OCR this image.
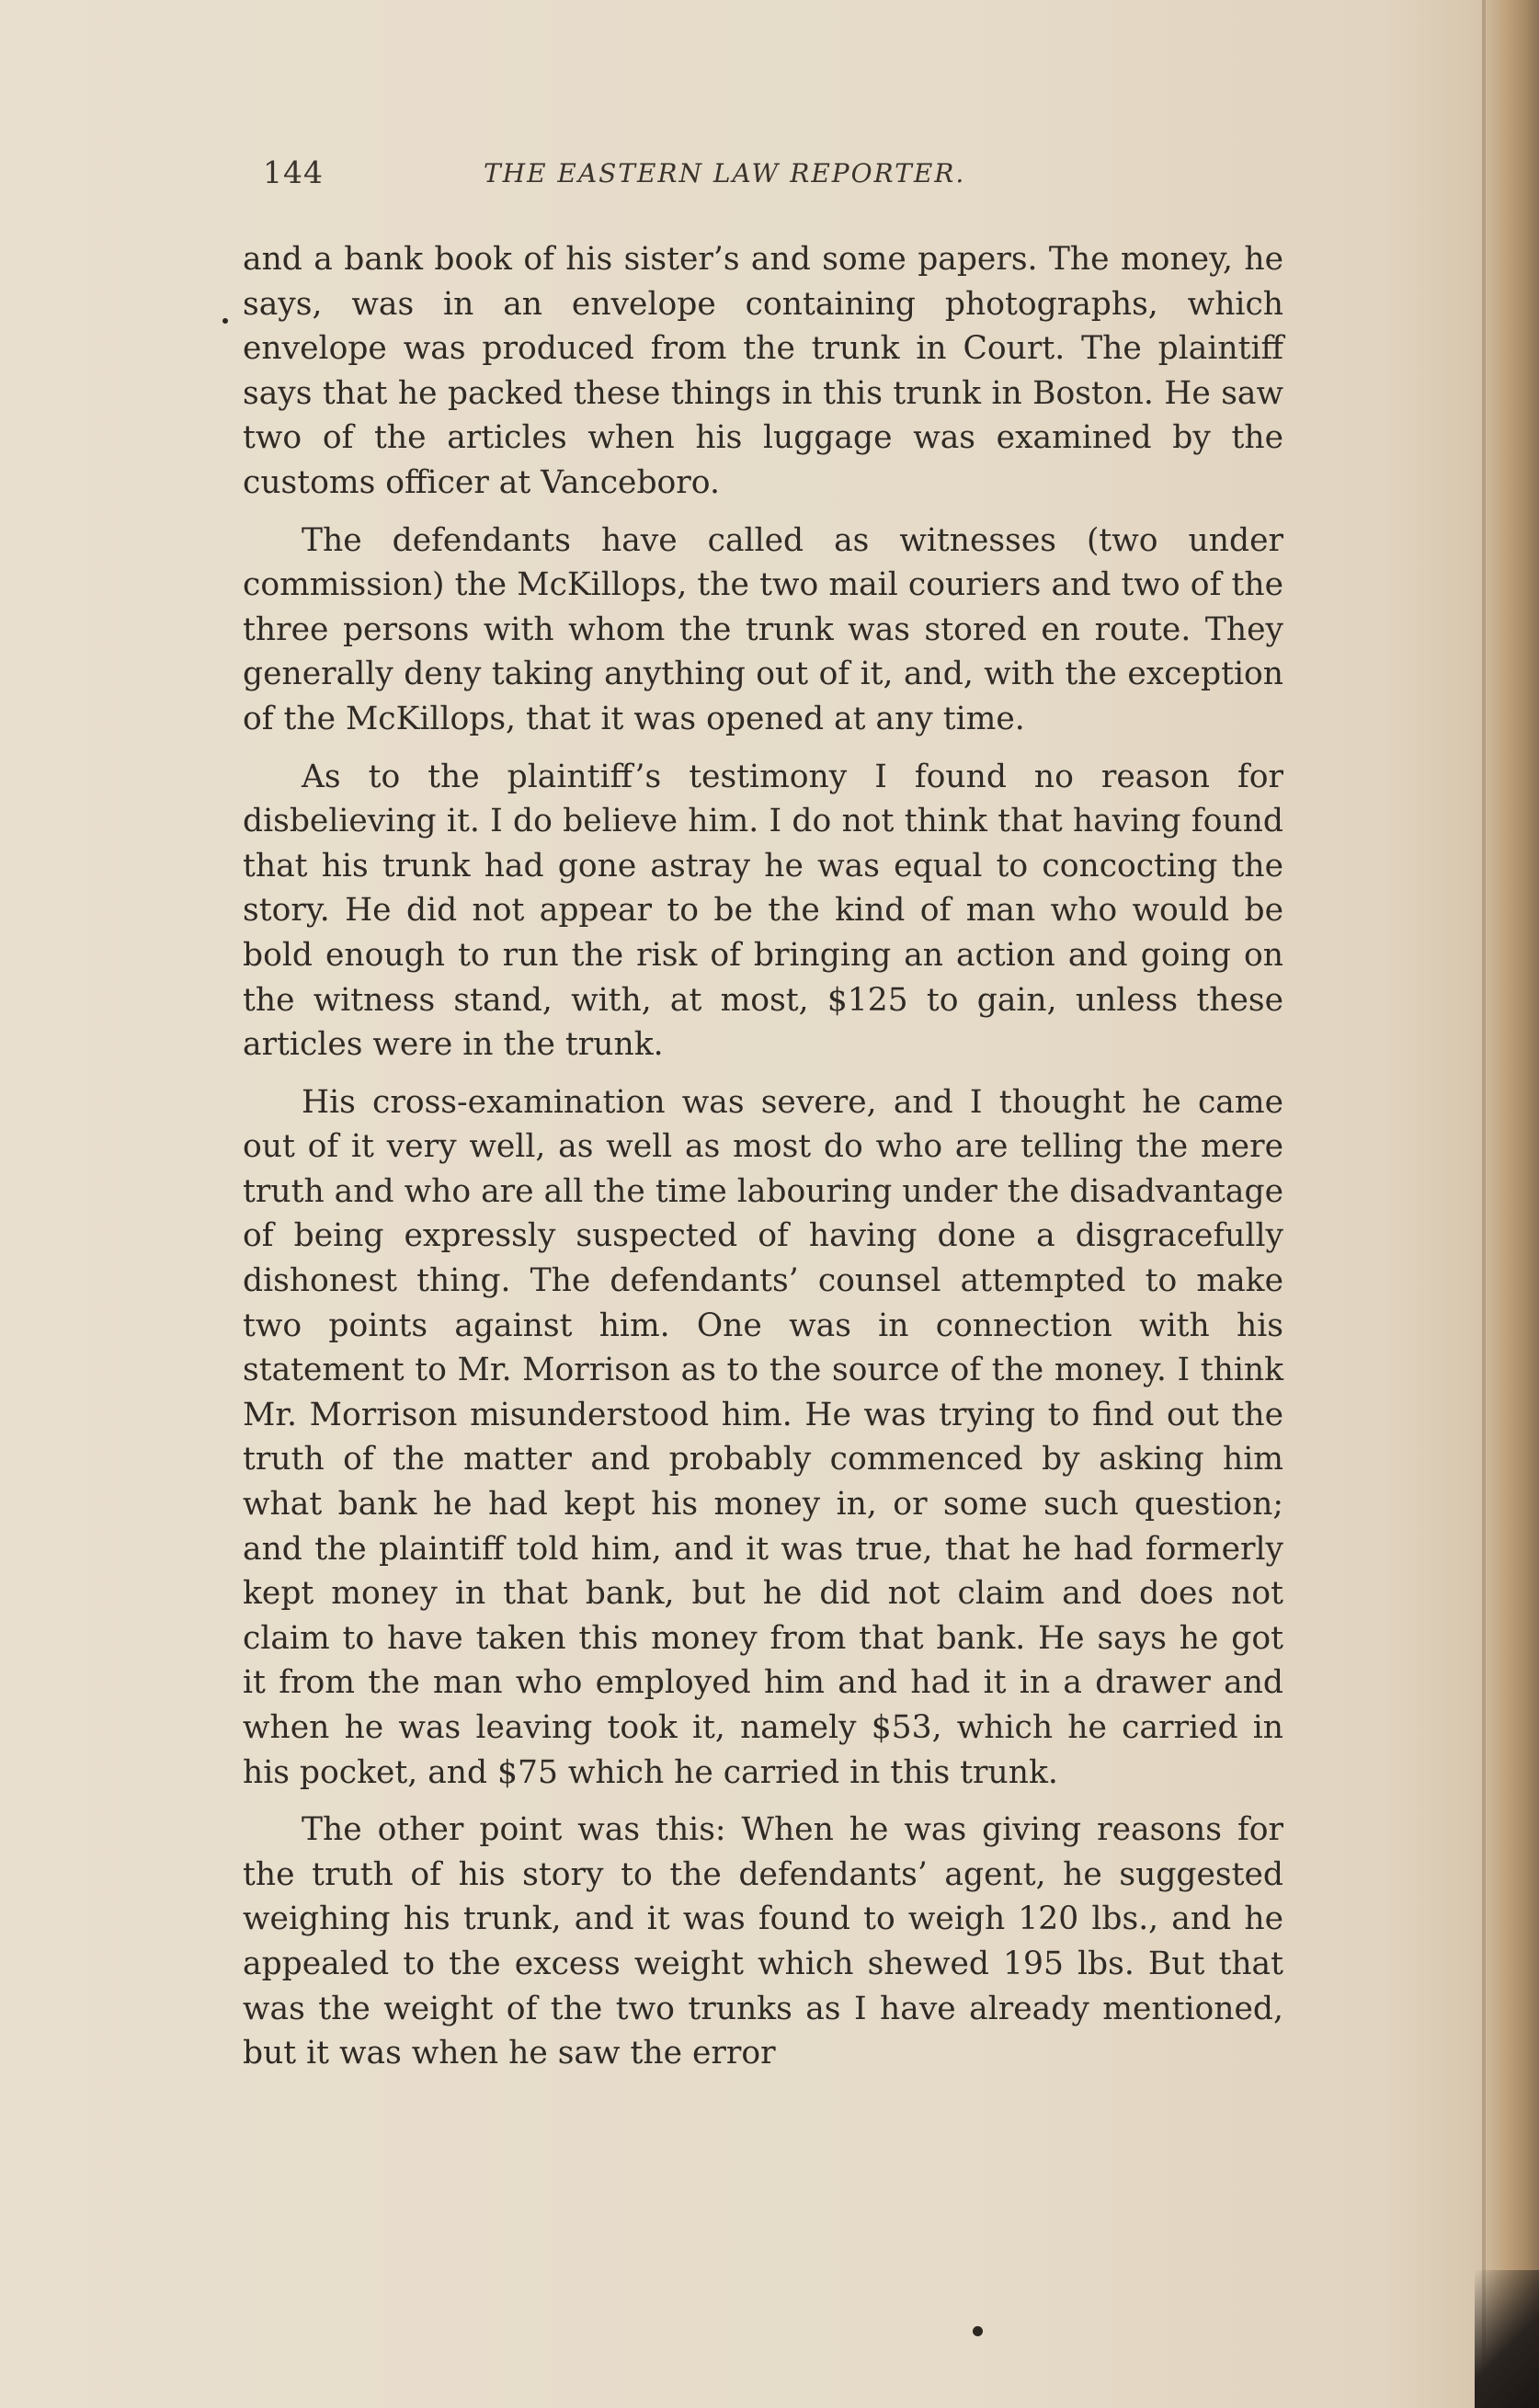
144	THE EASTERN LAW REPORTER.

and a bank book of his sister’s and some papers. The money, he says, was in an envelope containing photographs, which envelope was produced from the trunk in Court. The plaintiff says that he packed these things in this trunk in Boston. He saw two of the articles when his luggage was examined by the customs officer at Vanceboro.

The defendants have called as witnesses (two under commission) the McKillops, the two mail couriers and two of the three persons with whom the trunk was stored en route. They generally deny taking anything out of it, and, with the exception of the McKillops, that it was opened at any time.

As to the plaintiff’s testimony I found no reason for disbelieving it. I do believe him. I do not think that having found that his trunk had gone astray he was equal to concocting the story. He did not appear to be the kind of man who would be bold enough to run the risk of bringing an action and going on the witness stand, with, at most, $125 to gain, unless these articles were in the trunk.

His cross-examination was severe, and I thought he came out of it very well, as well as most do who are telling the mere truth and who are all the time labouring under the disadvantage of being expressly suspected of having done a disgracefully dishonest thing. The defendants’ counsel attempted to make two points against him. One was in connection with his statement to Mr. Morrison as to the source of the money. I think Mr. Morrison misunderstood him. He was trying to find out the truth of the matter and probably commenced by asking him what bank he had kept his money in, or some such question; and the plaintiff told him, and it was true, that he had formerly kept money in that bank, but he did not claim and does not claim to have taken this money from that bank. He says he got it from the man who employed him and had it in a drawer and when he was leaving took it, namely $53, which he carried in his pocket, and $75 which he carried in this trunk.

The other point was this: When he was giving reasons for the truth of his story to the defendants’ agent, he suggested weighing his trunk, and it was found to weigh 120 lbs., and he appealed to the excess weight which shewed 195 lbs. But that was the weight of the two trunks as I have already mentioned, but it was when he saw the error
